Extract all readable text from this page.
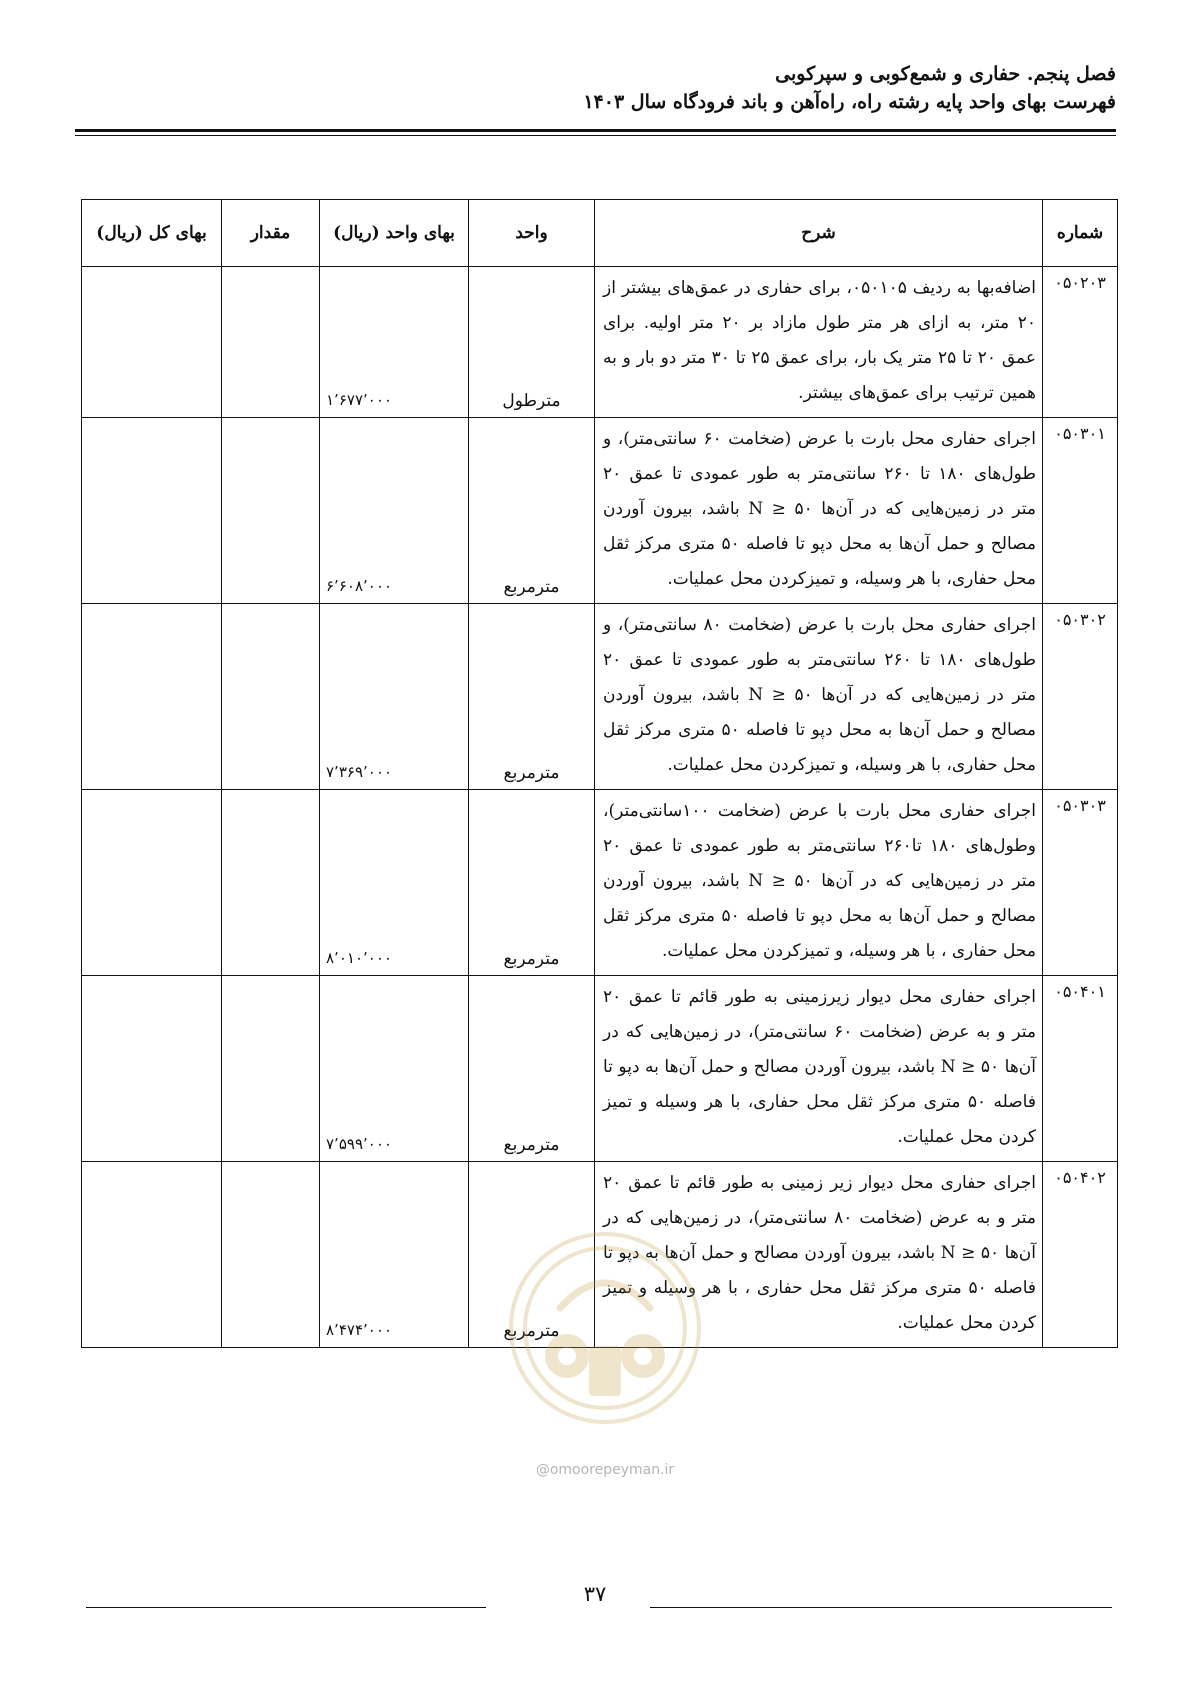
فصل پنجم. حفاری و شمع‌کوبی و سپرکوبی
فهرست بهای واحد پایه رشته راه، راه‌آهن و باند فرودگاه سال ۱۴۰۳
شماره	شرح	واحد	بهای واحد (ریال)	مقدار	بهای کل (ریال)
۰۵۰۲۰۳	اضافه‌بها به ردیف ۰۵۰۱۰۵، برای حفاری در عمق‌های بیشتر از ۲۰ متر، به ازای هر متر طول مازاد بر ۲۰ متر اولیه. برای عمق ۲۰ تا ۲۵ متر یک بار، برای عمق ۲۵ تا ۳۰ متر دو بار و به همین ترتیب برای عمق‌های بیشتر.	مترطول	۱٬۶۷۷٬۰۰۰		
۰۵۰۳۰۱	اجرای حفاری محل بارت با عرض (ضخامت ۶۰ سانتی‌متر)، و طول‌های ۱۸۰ تا ۲۶۰ سانتی‌متر به طور عمودی تا عمق ۲۰ متر در زمین‌هایی که در آن‌ها ۵۰ ≤ N باشد، بیرون آوردن مصالح و حمل آن‌ها به محل دپو تا فاصله ۵۰ متری مرکز ثقل محل حفاری، با هر وسیله، و تمیزکردن محل عملیات.	مترمربع	۶٬۶۰۸٬۰۰۰		
۰۵۰۳۰۲	اجرای حفاری محل بارت با عرض (ضخامت ۸۰ سانتی‌متر)، و طول‌های ۱۸۰ تا ۲۶۰ سانتی‌متر به طور عمودی تا عمق ۲۰ متر در زمین‌هایی که در آن‌ها ۵۰ ≤ N باشد، بیرون آوردن مصالح و حمل آن‌ها به محل دپو تا فاصله ۵۰ متری مرکز ثقل محل حفاری، با هر وسیله، و تمیزکردن محل عملیات.	مترمربع	۷٬۳۶۹٬۰۰۰		
۰۵۰۳۰۳	اجرای حفاری محل بارت با عرض (ضخامت ۱۰۰سانتی‌متر)، وطول‌های ۱۸۰ تا۲۶۰ سانتی‌متر به طور عمودی تا عمق ۲۰ متر در زمین‌هایی که در آن‌ها ۵۰ ≤ N باشد، بیرون آوردن مصالح و حمل آن‌ها به محل دپو تا فاصله ۵۰ متری مرکز ثقل محل حفاری ، با هر وسیله، و تمیزکردن محل عملیات.	مترمربع	۸٬۰۱۰٬۰۰۰		
۰۵۰۴۰۱	اجرای حفاری محل دیوار زیرزمینی به طور قائم تا عمق ۲۰ متر و به عرض (ضخامت ۶۰ سانتی‌متر)، در زمین‌هایی که در آن‌ها ۵۰ ≤ N باشد، بیرون آوردن مصالح و حمل آن‌ها به دپو تا فاصله ۵۰ متری مرکز ثقل محل حفاری، با هر وسیله و تمیز کردن محل عملیات.	مترمربع	۷٬۵۹۹٬۰۰۰		
۰۵۰۴۰۲	اجرای حفاری محل دیوار زیر زمینی به طور قائم تا عمق ۲۰ متر و به عرض (ضخامت ۸۰ سانتی‌متر)، در زمین‌هایی که در آن‌ها ۵۰ ≤ N باشد، بیرون آوردن مصالح و حمل آن‌ها به دپو تا فاصله ۵۰ متری مرکز ثقل محل حفاری ، با هر وسیله و تمیز کردن محل عملیات.	مترمربع	۸٬۴۷۴٬۰۰۰		
@omoorepeyman.ir
۳۷
